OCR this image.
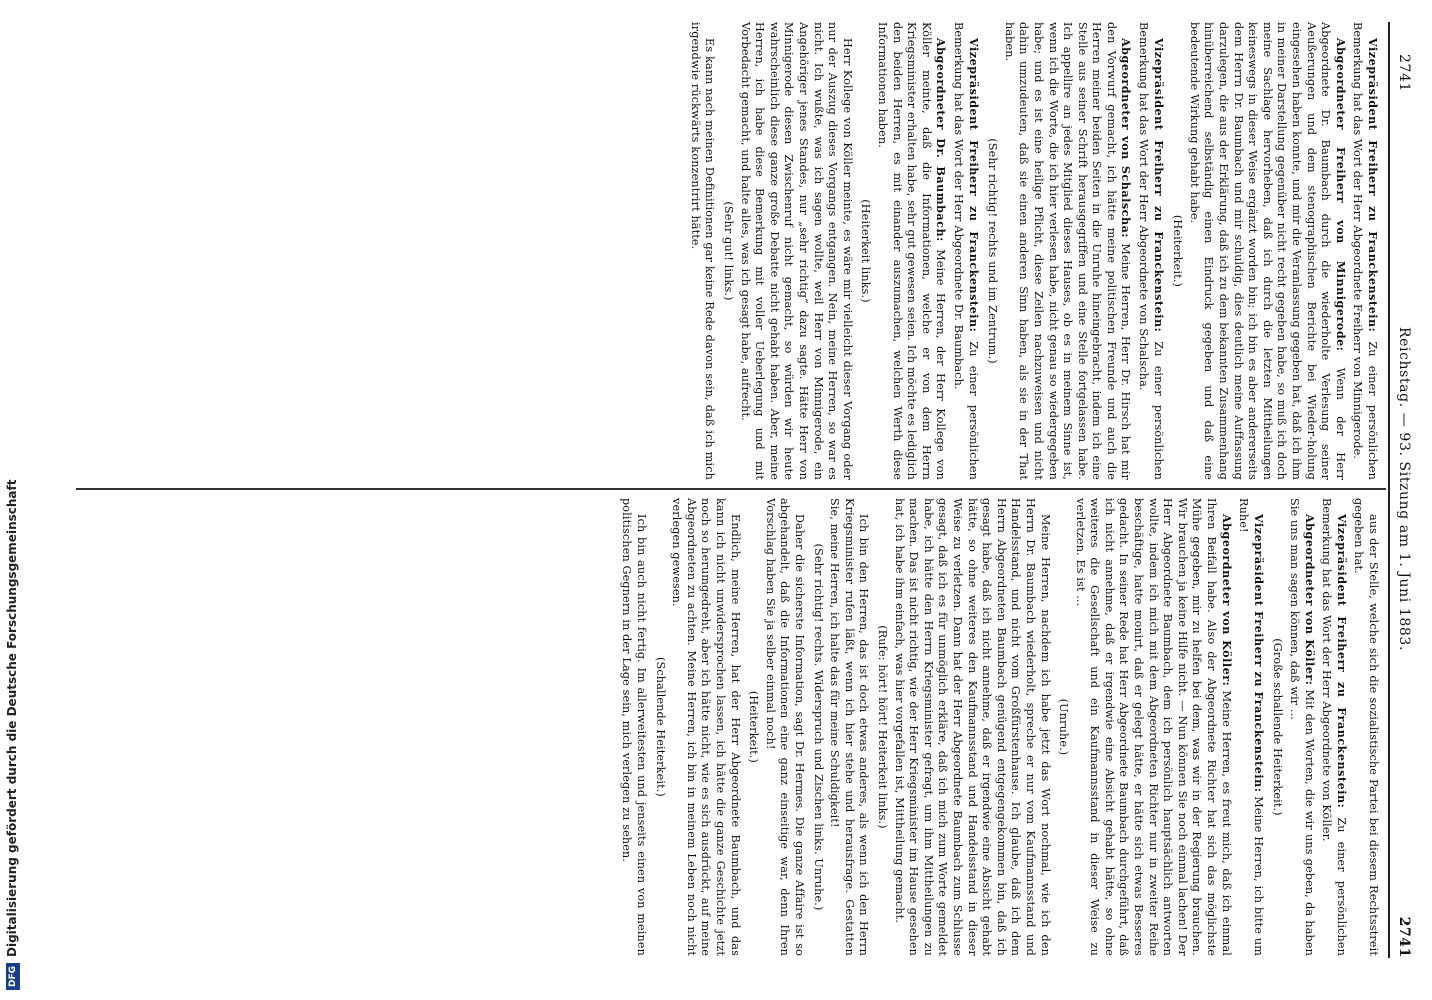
2741
Reichstag. — 93. Sitzung am 1. Juni 1883.
2741

Vizepräsident Freiherr zu Franckenstein: Zu einer persönlichen Bemerkung hat das Wort der Herr Abgeordnete Freiherr von Minnigerode.

Abgeordneter Freiherr von Minnigerode: Wenn der Herr Abgeordnete Dr. Baumbach durch die wiederholte Verlesung seiner Aeußerungen und dem stenographischen Berichte bei Wieder-holung eingesehen haben konnte, und mir die Veranlassung gegeben hat, daß ich ihm in meiner Darstellung gegenüber nicht recht gegeben habe, so muß ich doch meine Sachlage hervorheben, daß ich durch die letzten Mittheilungen keineswegs in dieser Weise ergänzt worden bin; ich bin es aber andererseits dem Herrn Dr. Baumbach und mir schuldig, dies deutlich meine Auffassung darzulegen, die aus der Erklärung, daß ich zu dem bekannten Zusammenhang hinüberreichend selbständig einen Eindruck gegeben und daß eine bedeutende Wirkung gehabt habe.

(Heiterkeit.)

Vizepräsident Freiherr zu Franckenstein: Zu einer persönlichen Bemerkung hat das Wort der Herr Abgeordnete von Schalscha.

Abgeordneter von Schalscha: Meine Herren, Herr Dr. Hirsch hat mir den Vorwurf gemacht, ich hätte meine politischen Freunde und auch die Herren meiner beiden Seiten in die Unruhe hineingebracht, indem ich eine Stelle aus seiner Schrift herausgegriffen und eine Stelle fortgelassen habe. Ich appellire an jedes Mitglied dieses Hauses, ob es in meinem Sinne ist, wenn ich die Worte, die ich hier verlesen habe, nicht genau so wiedergegeben habe; und es ist eine heilige Pflicht, diese Zeilen nachzuweisen und nicht dahin umzudeuten, daß sie einen anderen Sinn haben, als sie in der That haben.

(Sehr richtig! rechts und im Zentrum.)

Vizepräsident Freiherr zu Franckenstein: Zu einer persönlichen Bemerkung hat das Wort der Herr Abgeordnete Dr. Baumbach.

Abgeordneter Dr. Baumbach: Meine Herren, der Herr Kollege von Köller meinte, daß die Informationen, welche er von dem Herrn Kriegsminister erhalten habe, sehr gut gewesen seien. Ich möchte es lediglich den beiden Herren, es mit einander auszumachen, welchen Werth diese Informationen haben.

(Heiterkeit links.)

Herr Kollege von Köller meinte, es wäre mir vielleicht dieser Vorgang oder nur der Auszug dieses Vorgangs entgangen. Nein, meine Herren, so war es nicht. Ich wußte, was ich sagen wollte, weil Herr von Minnigerode, ein Angehöriger jenes Standes, nur „sehr richtig“ dazu sagte. Hätte Herr von Minnigerode diesen Zwischenruf nicht gemacht, so würden wir heute wahrscheinlich diese ganze große Debatte nicht gehabt haben. Aber, meine Herren, ich habe diese Bemerkung mit voller Ueberlegung und mit Vorbedacht gemacht, und halte alles, was ich gesagt habe, aufrecht.

(Sehr gut! links.)

Es kann nach meinen Definitionen gar keine Rede davon sein, daß ich mich irgendwie rückwärts konzentrirt hätte.

aus der Stelle, welche sich die sozialistische Partei bei diesem Rechtsstreit gegeben hat.

Vizepräsident Freiherr zu Franckenstein: Zu einer persönlichen Bemerkung hat das Wort der Herr Abgeordnete von Köller.

Abgeordneter von Köller: Mit den Worten, die wir uns geben, da haben Sie uns man sagen können, daß wir ...

(Große schallende Heiterkeit.)

Vizepräsident Freiherr zu Franckenstein: Meine Herren, ich bitte um Ruhe!

Abgeordneter von Köller: Meine Herren, es freut mich, daß ich einmal Ihren Beifall habe. Also der Abgeordnete Richter hat sich das möglichste Mühe gegeben, mir zu helfen bei dem, was wir in der Regierung brauchen. Wir brauchen ja keine Hilfe nicht. — Nun können Sie noch einmal lachen! Der Herr Abgeordnete Baumbach, dem ich persönlich hauptsächlich antworten wollte, indem ich mich mit dem Abgeordneten Richter nur in zweiter Reihe beschäftige, hatte monirt, daß er gelegt hätte, er hätte sich etwas Besseres gedacht. In seiner Rede hat Herr Abgeordnete Baumbach durchgeführt, daß ich nicht annehme, daß er irgendwie eine Absicht gehabt hätte, so ohne weiteres die Gesellschaft und ein Kaufmannsstand in dieser Weise zu verletzen. Es ist ...

(Unruhe.)

Meine Herren, nachdem ich habe jetzt das Wort nochmal, wie ich den Herrn Dr. Baumbach wiederholt, spreche er nur vom Kaufmannsstand und Handelsstand, und nicht vom Großfürstenhause. Ich glaube, daß ich dem Herrn Abgeordneten Baumbach genügend entgegengekommen bin, daß ich gesagt habe, daß ich nicht annehme, daß er irgendwie eine Absicht gehabt hätte, so ohne weiteres den Kaufmannsstand und Handelsstand in dieser Weise zu verletzen. Dann hat der Herr Abgeordnete Baumbach zum Schlusse gesagt, daß ich es für unmöglich erkläre, daß ich mich zum Worte gemeldet habe, ich hätte den Herrn Kriegsminister gefragt, um ihm Mittheilungen zu machen. Das ist nicht richtig, wie der Herr Kriegsminister im Hause gesehen hat, ich habe ihm einfach, was hier vorgefallen ist, Mittheilung gemacht.

(Rufe: hört! hört! Heiterkeit links.)

Ich bin den Herren, das ist doch etwas anderes, als wenn ich den Herrn Kriegsminister rufen läßt, wenn ich hier stehe und herausfrage. Gestatten Sie, meine Herren, ich halte das für meine Schuldigkeit!

(Sehr richtig! rechts. Widerspruch und Zischen links. Unruhe.)

Daher die sicherste Information, sagt Dr. Hermes. Die ganze Affaire ist so abgehandelt, daß die Informationen eine ganz einseitige war, denn Ihren Vorschlag haben Sie ja selber einmal noch!

(Heiterkeit.)

Endlich, meine Herren, hat der Herr Abgeordnete Baumbach, und das kann ich nicht unwidersprochen lassen, ich hätte die ganze Geschichte jetzt noch so herumgedreht, aber ich hätte nicht, wie es sich ausdrückt, auf meine Abgeordneten zu achten. Meine Herren, ich bin in meinem Leben noch nicht verlegen gewesen.

(Schallende Heiterkeit.)

Ich bin auch nicht fertig. Im allerweitesten und jenseits einen von meinen politischen Gegnern in der Lage sein, mich verlegen zu sehen.

DFGDigitalisierung gefördert durch die Deutsche Forschungsgemeinschaft
